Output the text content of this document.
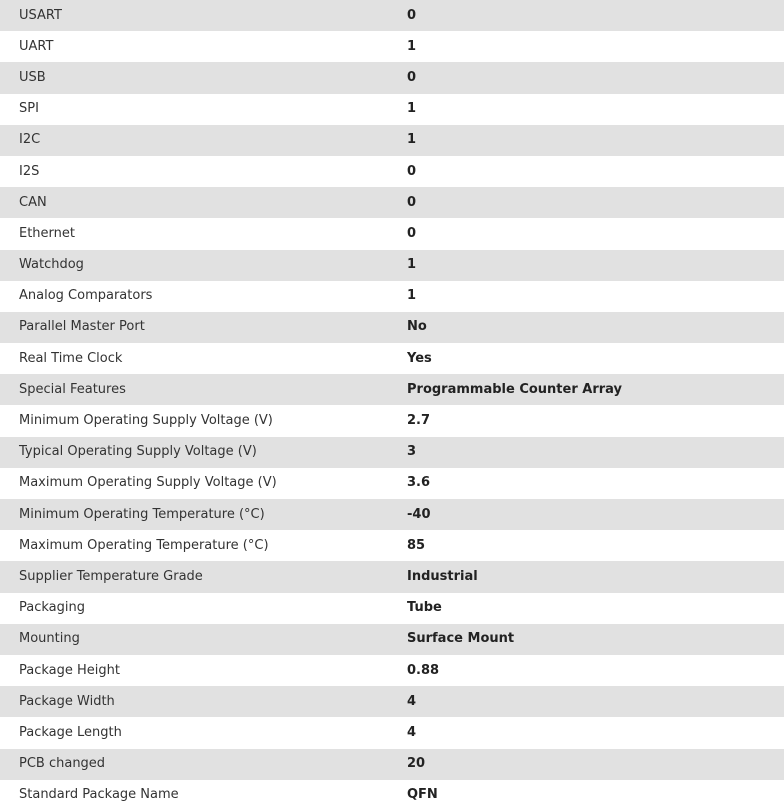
USART	0
UART	1
USB	0
SPI	1
I2C	1
I2S	0
CAN	0
Ethernet	0
Watchdog	1
Analog Comparators	1
Parallel Master Port	No
Real Time Clock	Yes
Special Features	Programmable Counter Array
Minimum Operating Supply Voltage (V)	2.7
Typical Operating Supply Voltage (V)	3
Maximum Operating Supply Voltage (V)	3.6
Minimum Operating Temperature (°C)	-40
Maximum Operating Temperature (°C)	85
Supplier Temperature Grade	Industrial
Packaging	Tube
Mounting	Surface Mount
Package Height	0.88
Package Width	4
Package Length	4
PCB changed	20
Standard Package Name	QFN
